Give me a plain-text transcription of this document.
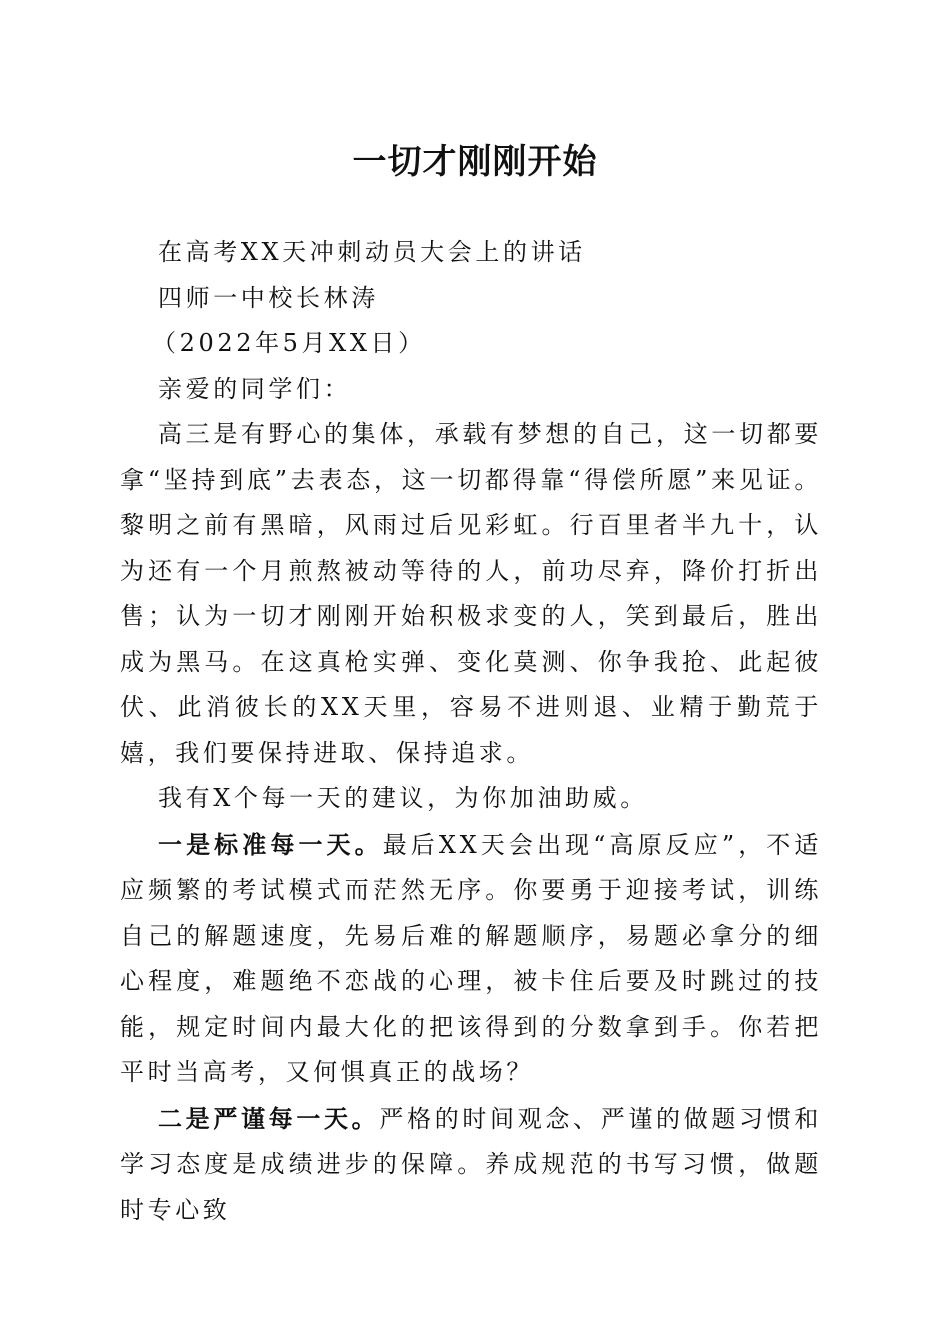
一切才刚刚开始

在高考XX天冲刺动员大会上的讲话

四师一中校长林涛

（2022年5月XX日）

亲爱的同学们：

高三是有野心的集体，承载有梦想的自己，这一切都要拿“坚持到底”去表态，这一切都得靠“得偿所愿”来见证。黎明之前有黑暗，风雨过后见彩虹。行百里者半九十，认为还有一个月煎熬被动等待的人，前功尽弃，降价打折出售；认为一切才刚刚开始积极求变的人，笑到最后，胜出成为黑马。在这真枪实弹、变化莫测、你争我抢、此起彼伏、此消彼长的XX天里，容易不进则退、业精于勤荒于嬉，我们要保持进取、保持追求。

我有X个每一天的建议，为你加油助威。

一是标准每一天。最后XX天会出现“高原反应”，不适应频繁的考试模式而茫然无序。你要勇于迎接考试，训练自己的解题速度，先易后难的解题顺序，易题必拿分的细心程度，难题绝不恋战的心理，被卡住后要及时跳过的技能，规定时间内最大化的把该得到的分数拿到手。你若把平时当高考，又何惧真正的战场？

二是严谨每一天。严格的时间观念、严谨的做题习惯和学习态度是成绩进步的保障。养成规范的书写习惯，做题时专心致
